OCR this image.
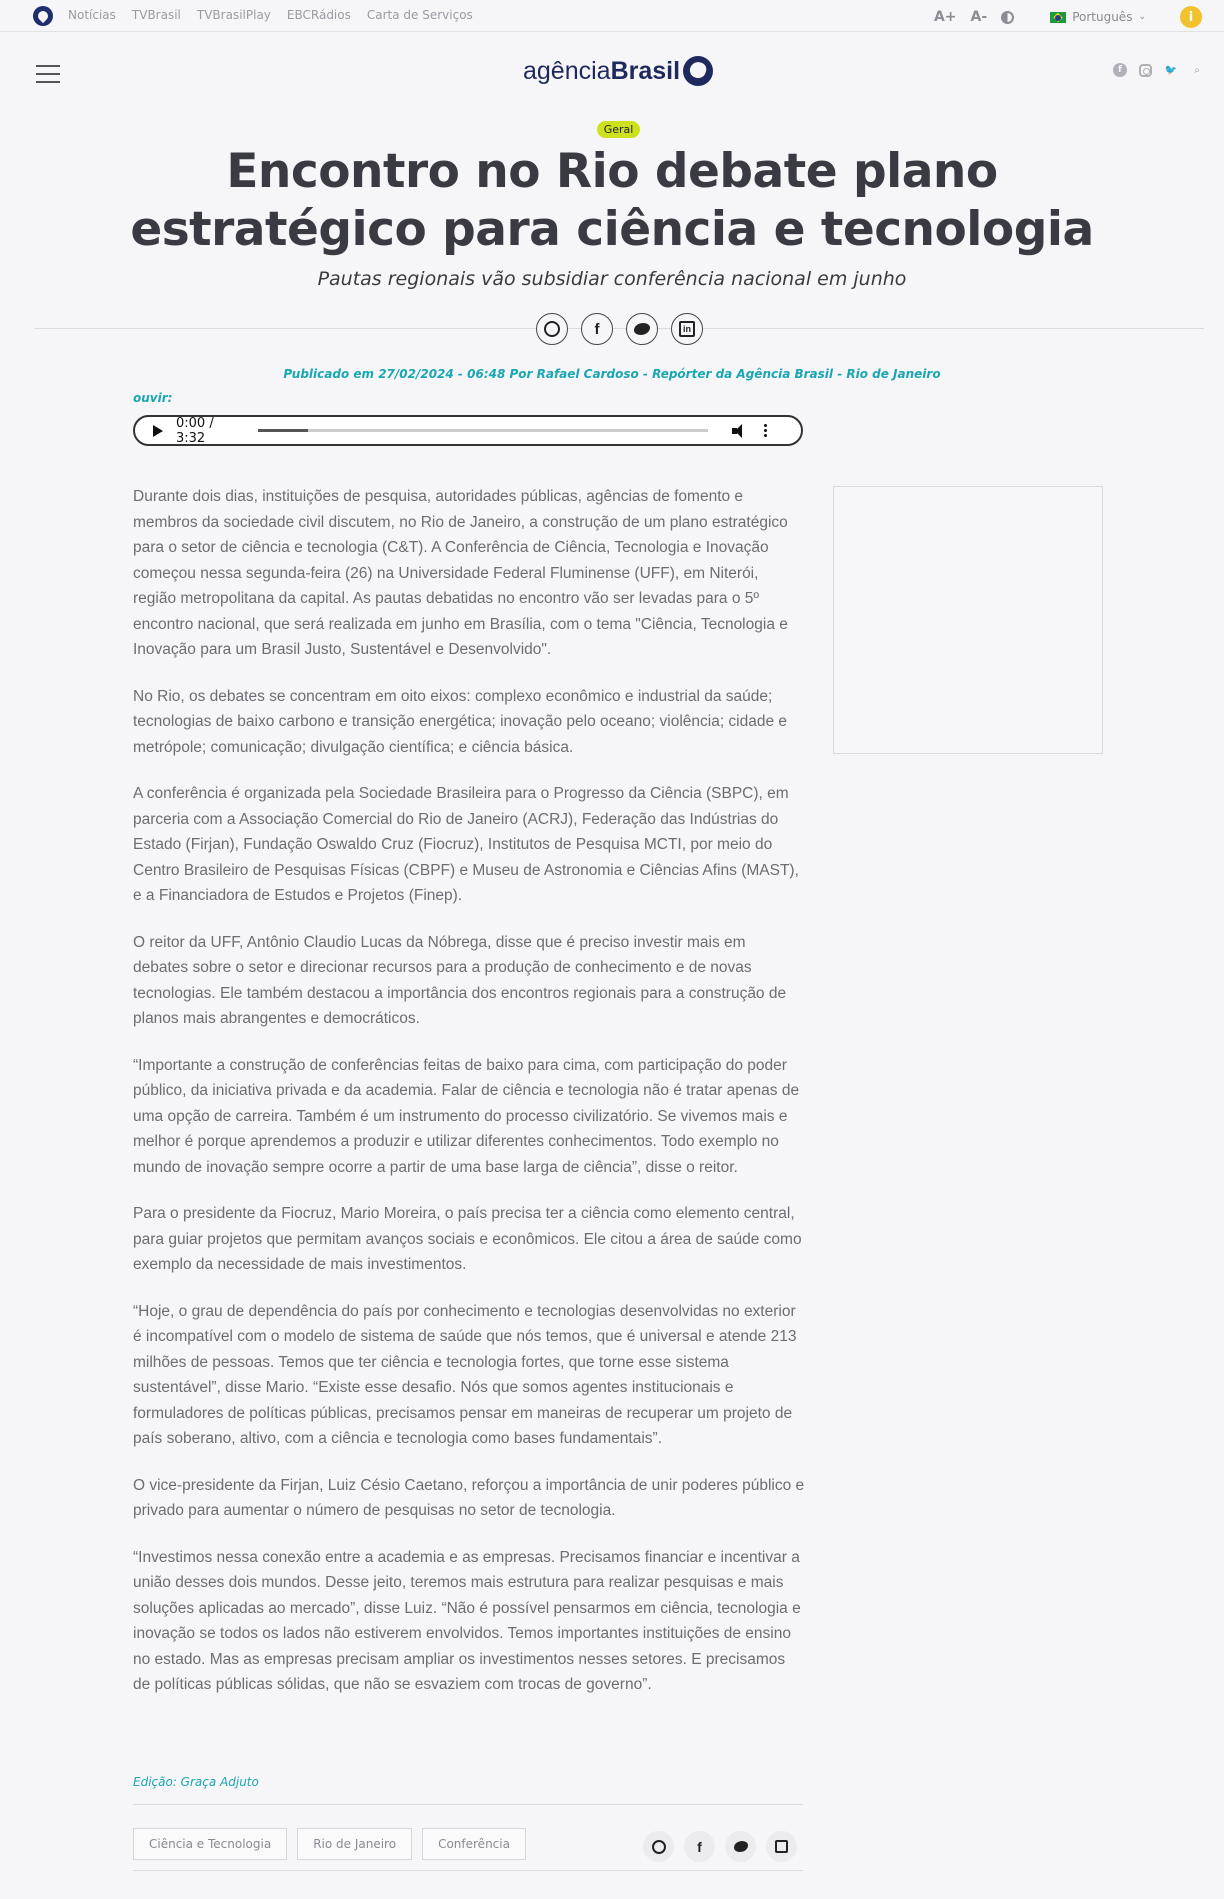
Notícias TVBrasil TVBrasilPlay EBCRádios Carta de Serviços	A+ A-	Português ⌄	i
agência Brasil	f	🐦	⌕
Geral
Encontro no Rio debate plano estratégico para ciência e tecnologia
Pautas regionais vão subsidiar conferência nacional em junho
f	in
Publicado em 27/02/2024 - 06:48 Por Rafael Cardoso - Repórter da Agência Brasil - Rio de Janeiro
ouvir:
0:00 / 3:32

Durante dois dias, instituições de pesquisa, autoridades públicas, agências de fomento e membros da sociedade civil discutem, no Rio de Janeiro, a construção de um plano estratégico para o setor de ciência e tecnologia (C&T). A Conferência de Ciência, Tecnologia e Inovação começou nessa segunda-feira (26) na Universidade Federal Fluminense (UFF), em Niterói, região metropolitana da capital. As pautas debatidas no encontro vão ser levadas para o 5º encontro nacional, que será realizada em junho em Brasília, com o tema "Ciência, Tecnologia e Inovação para um Brasil Justo, Sustentável e Desenvolvido".

No Rio, os debates se concentram em oito eixos: complexo econômico e industrial da saúde; tecnologias de baixo carbono e transição energética; inovação pelo oceano; violência; cidade e metrópole; comunicação; divulgação científica; e ciência básica.

A conferência é organizada pela Sociedade Brasileira para o Progresso da Ciência (SBPC), em parceria com a Associação Comercial do Rio de Janeiro (ACRJ), Federação das Indústrias do Estado (Firjan), Fundação Oswaldo Cruz (Fiocruz), Institutos de Pesquisa MCTI, por meio do Centro Brasileiro de Pesquisas Físicas (CBPF) e Museu de Astronomia e Ciências Afins (MAST), e a Financiadora de Estudos e Projetos (Finep).

O reitor da UFF, Antônio Claudio Lucas da Nóbrega, disse que é preciso investir mais em debates sobre o setor e direcionar recursos para a produção de conhecimento e de novas tecnologias. Ele também destacou a importância dos encontros regionais para a construção de planos mais abrangentes e democráticos.

“Importante a construção de conferências feitas de baixo para cima, com participação do poder público, da iniciativa privada e da academia. Falar de ciência e tecnologia não é tratar apenas de uma opção de carreira. Também é um instrumento do processo civilizatório. Se vivemos mais e melhor é porque aprendemos a produzir e utilizar diferentes conhecimentos. Todo exemplo no mundo de inovação sempre ocorre a partir de uma base larga de ciência”, disse o reitor.

Para o presidente da Fiocruz, Mario Moreira, o país precisa ter a ciência como elemento central, para guiar projetos que permitam avanços sociais e econômicos. Ele citou a área de saúde como exemplo da necessidade de mais investimentos.

“Hoje, o grau de dependência do país por conhecimento e tecnologias desenvolvidas no exterior é incompatível com o modelo de sistema de saúde que nós temos, que é universal e atende 213 milhões de pessoas. Temos que ter ciência e tecnologia fortes, que torne esse sistema sustentável”, disse Mario. “Existe esse desafio. Nós que somos agentes institucionais e formuladores de políticas públicas, precisamos pensar em maneiras de recuperar um projeto de país soberano, altivo, com a ciência e tecnologia como bases fundamentais”.

O vice-presidente da Firjan, Luiz Césio Caetano, reforçou a importância de unir poderes público e privado para aumentar o número de pesquisas no setor de tecnologia.

“Investimos nessa conexão entre a academia e as empresas. Precisamos financiar e incentivar a união desses dois mundos. Desse jeito, teremos mais estrutura para realizar pesquisas e mais soluções aplicadas ao mercado”, disse Luiz. “Não é possível pensarmos em ciência, tecnologia e inovação se todos os lados não estiverem envolvidos. Temos importantes instituições de ensino no estado. Mas as empresas precisam ampliar os investimentos nesses setores. E precisamos de políticas públicas sólidas, que não se esvaziem com trocas de governo”.

Edição: Graça Adjuto
Ciência e Tecnologia	Rio de Janeiro	Conferência	f
